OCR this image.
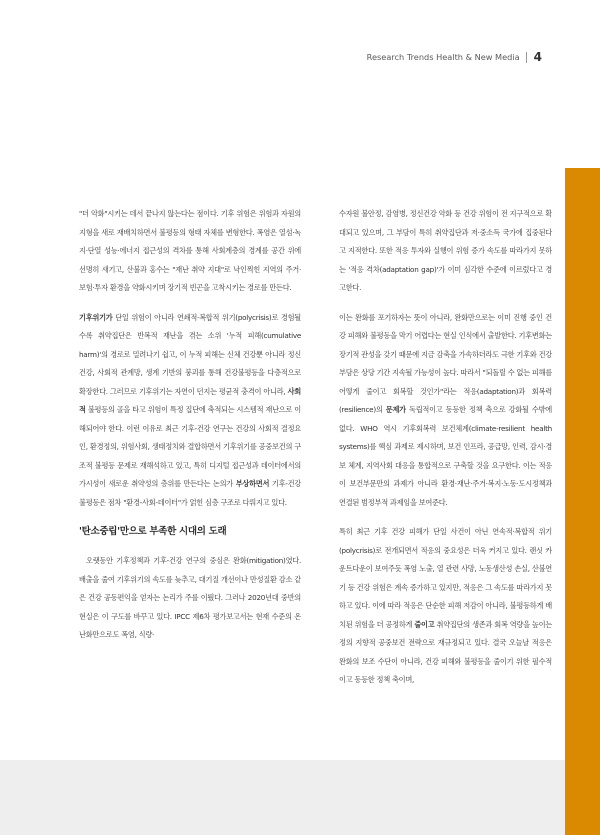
Research Trends Health & New Media 4

"더 악화"시키는 데서 끝나지 않는다는 점이다. 기후 위험은 위험과 자원의 지형을 새로 재배치하면서 불평등의 형태 자체를 변형한다. 폭염은 열섬·녹지·단열 성능·에너지 접근성의 격차를 통해 사회계층의 경계를 공간 위에 선명히 새기고, 산불과 홍수는 "재난 취약 지대"로 낙인찍힌 지역의 주거·보험·투자 환경을 약화시키며 장기적 빈곤을 고착시키는 경로를 만든다.

기후위기가 단일 위험이 아니라 연쇄적·복합적 위기(polycrisis)로 경험될수록 취약집단은 반복적 재난을 겪는 소위 '누적 피해(cumulative harm)'의 경로로 밀려나기 쉽고, 이 누적 피해는 신체 건강뿐 아니라 정신건강, 사회적 관계망, 생계 기반의 붕괴를 통해 건강불평등을 다층적으로 확장한다. 그러므로 기후위기는 자연이 던지는 평균적 충격이 아니라, 사회적 불평등의 골을 타고 위험이 특정 집단에 축적되는 시스템적 재난으로 이해되어야 한다. 이런 이유로 최근 기후-건강 연구는 건강의 사회적 결정요인, 환경정의, 위험사회, 생태정치와 결합하면서 기후위기를 공중보건의 구조적 불평등 문제로 재해석하고 있고, 특히 디지털 접근성과 데이터에서의 가시성이 새로운 취약성의 층위를 만든다는 논의가 부상하면서 기후-건강 불평등은 점차 "환경-사회-데이터"가 얽힌 심층 구조로 다뤄지고 있다.

'탄소중립'만으로 부족한 시대의 도래

오랫동안 기후정책과 기후-건강 연구의 중심은 완화(mitigation)였다. 배출을 줄여 기후위기의 속도를 늦추고, 대기질 개선이나 만성질환 감소 같은 건강 공동편익을 얻자는 논리가 주를 이뤘다. 그러나 2020년대 중반의 현실은 이 구도를 바꾸고 있다. IPCC 제6차 평가보고서는 현재 수준의 온난화만으로도 폭염, 식량·

수자원 불안정, 감염병, 정신건강 악화 등 건강 위험이 전 지구적으로 확대되고 있으며, 그 부담이 특히 취약집단과 저·중소득 국가에 집중된다고 지적한다. 또한 적응 투자와 실행이 위험 증가 속도를 따라가지 못하는 '적응 격차(adaptation gap)'가 이미 심각한 수준에 이르렀다고 경고한다.

이는 완화를 포기하자는 뜻이 아니라, 완화만으로는 이미 진행 중인 건강 피해와 불평등을 막기 어렵다는 현실 인식에서 출발한다. 기후변화는 장기적 관성을 갖기 때문에 지금 감축을 가속하더라도 극한 기후와 건강 부담은 상당 기간 지속될 가능성이 높다. 따라서 "되돌릴 수 없는 피해를 어떻게 줄이고 회복할 것인가"라는 적응(adaptation)과 회복력(resilience)의 문제가 독립적이고 동등한 정책 축으로 강화될 수밖에 없다. WHO 역시 기후회복력 보건체계(climate-resilient health systems)를 핵심 과제로 제시하며, 보건 인프라, 공급망, 인력, 감시·경보 체계, 지역사회 대응을 통합적으로 구축할 것을 요구한다. 이는 적응이 보건부문만의 과제가 아니라 환경·재난·주거·복지·노동·도시정책과 연결된 범정부적 과제임을 보여준다.

특히 최근 기후 건강 피해가 단일 사건이 아닌 연속적·복합적 위기(polycrisis)로 전개되면서 적응의 중요성은 더욱 커지고 있다. 랜싯 카운트다운이 보여주듯 폭염 노출, 열 관련 사망, 노동생산성 손실, 산불연기 등 건강 위험은 계속 증가하고 있지만, 적응은 그 속도를 따라가지 못하고 있다. 이에 따라 적응은 단순한 피해 저감이 아니라, 불평등하게 배치된 위험을 더 공정하게 줄이고 취약집단의 생존과 회복 역량을 높이는 정의 지향적 공중보건 전략으로 재규정되고 있다. 결국 오늘날 적응은 완화의 보조 수단이 아니라, 건강 피해와 불평등을 줄이기 위한 필수적이고 동등한 정책 축이며,
